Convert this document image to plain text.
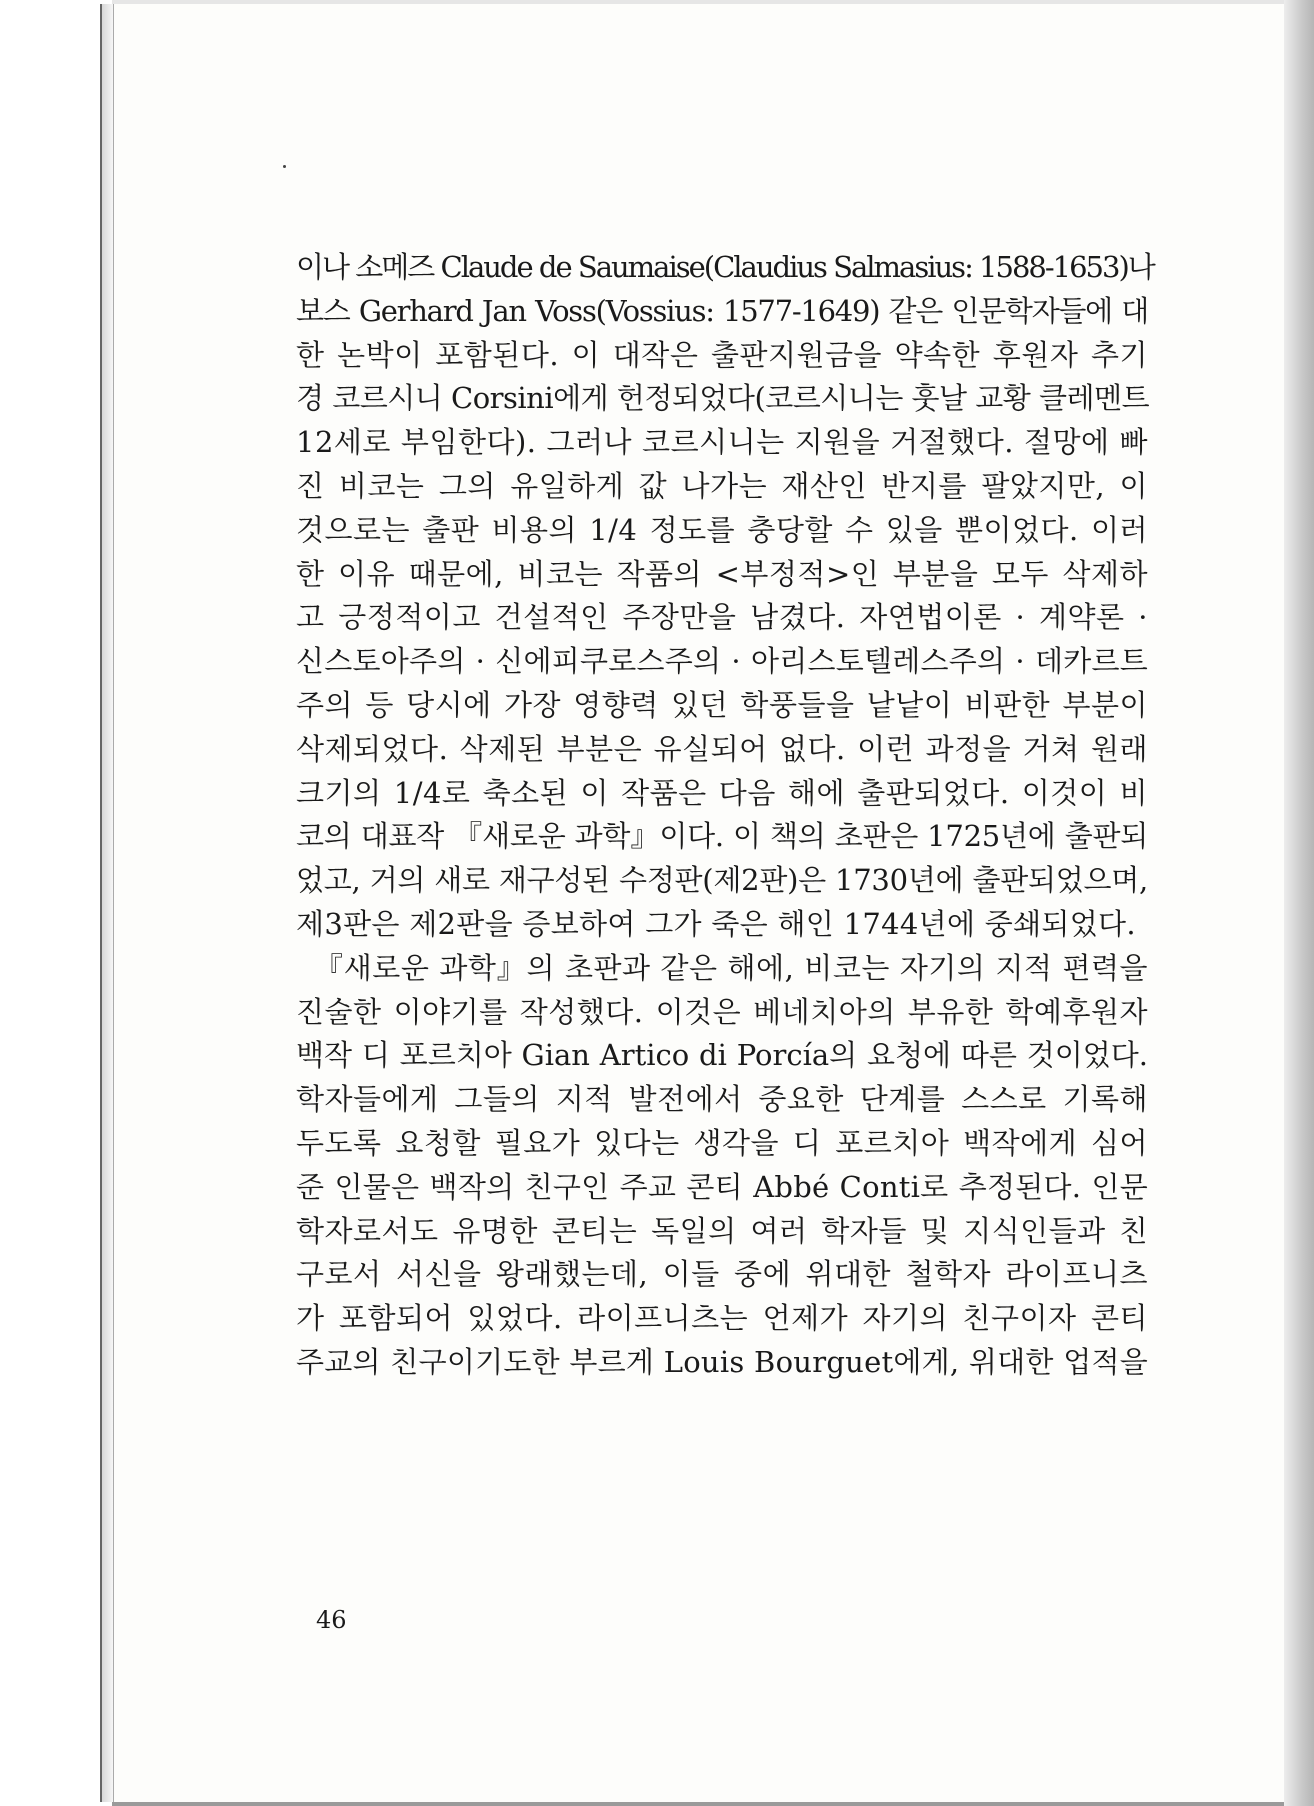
이나 소메즈 Claude de Saumaise(Claudius Salmasius: 1588-1653)나
보스 Gerhard Jan Voss(Vossius: 1577-1649) 같은 인문학자들에 대
한 논박이 포함된다. 이 대작은 출판지원금을 약속한 후원자 추기
경 코르시니 Corsini에게 헌정되었다(코르시니는 훗날 교황 클레멘트
12세로 부임한다). 그러나 코르시니는 지원을 거절했다. 절망에 빠
진 비코는 그의 유일하게 값 나가는 재산인 반지를 팔았지만, 이
것으로는 출판 비용의 1/4 정도를 충당할 수 있을 뿐이었다. 이러
한 이유 때문에, 비코는 작품의 <부정적>인 부분을 모두 삭제하
고 긍정적이고 건설적인 주장만을 남겼다. 자연법이론 · 계약론 ·
신스토아주의 · 신에피쿠로스주의 · 아리스토텔레스주의 · 데카르트
주의 등 당시에 가장 영향력 있던 학풍들을 낱낱이 비판한 부분이
삭제되었다. 삭제된 부분은 유실되어 없다. 이런 과정을 거쳐 원래
크기의 1/4로 축소된 이 작품은 다음 해에 출판되었다. 이것이 비
코의 대표작 『새로운 과학』이다. 이 책의 초판은 1725년에 출판되
었고, 거의 새로 재구성된 수정판(제2판)은 1730년에 출판되었으며,
제3판은 제2판을 증보하여 그가 죽은 해인 1744년에 중쇄되었다.
『새로운 과학』의 초판과 같은 해에, 비코는 자기의 지적 편력을
진술한 이야기를 작성했다. 이것은 베네치아의 부유한 학예후원자
백작 디 포르치아 Gian Artico di Porcía의 요청에 따른 것이었다.
학자들에게 그들의 지적 발전에서 중요한 단계를 스스로 기록해
두도록 요청할 필요가 있다는 생각을 디 포르치아 백작에게 심어
준 인물은 백작의 친구인 주교 콘티 Abbé Conti로 추정된다. 인문
학자로서도 유명한 콘티는 독일의 여러 학자들 및 지식인들과 친
구로서 서신을 왕래했는데, 이들 중에 위대한 철학자 라이프니츠
가 포함되어 있었다. 라이프니츠는 언제가 자기의 친구이자 콘티
주교의 친구이기도한 부르게 Louis Bourguet에게, 위대한 업적을
46
